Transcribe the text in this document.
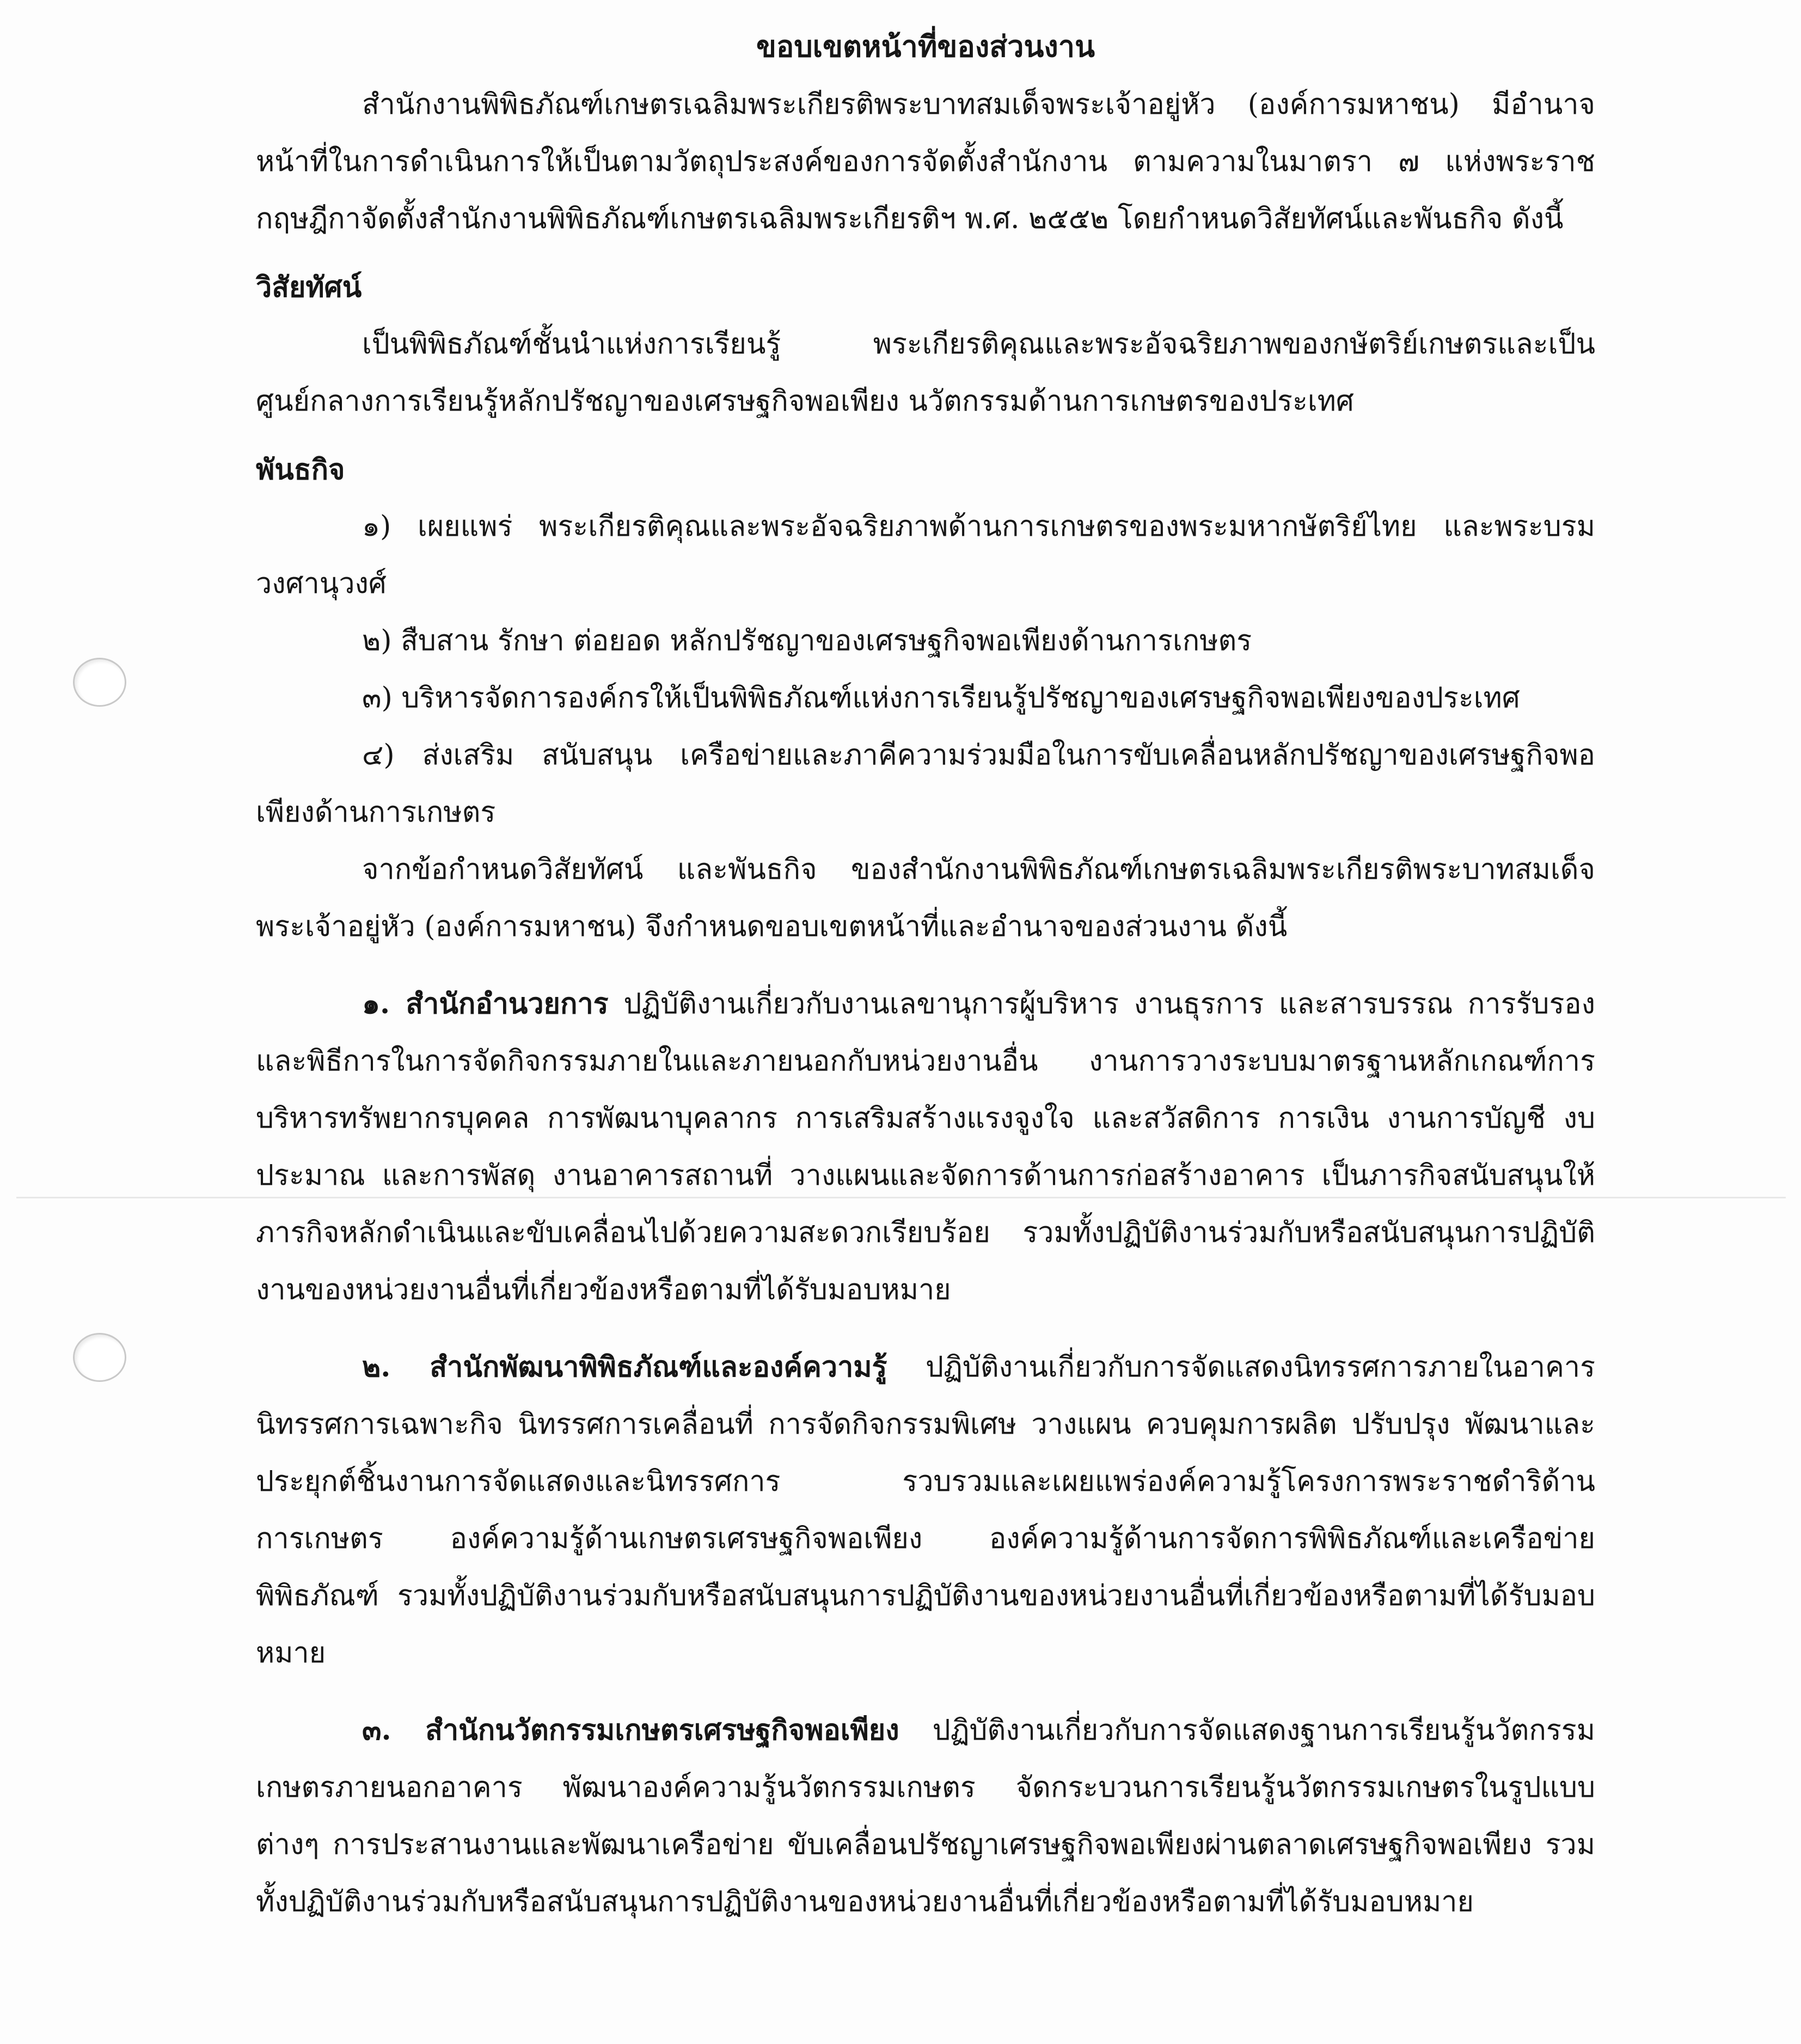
ขอบเขตหน้าที่ของส่วนงาน

สำนักงานพิพิธภัณฑ์เกษตรเฉลิมพระเกียรติพระบาทสมเด็จพระเจ้าอยู่หัว (องค์การมหาชน) มีอำนาจหน้าที่ในการดำเนินการให้เป็นตามวัตถุประสงค์ของการจัดตั้งสำนักงาน ตามความในมาตรา ๗ แห่งพระราชกฤษฎีกาจัดตั้งสำนักงานพิพิธภัณฑ์เกษตรเฉลิมพระเกียรติฯ พ.ศ. ๒๕๕๒ โดยกำหนดวิสัยทัศน์และพันธกิจ ดังนี้

วิสัยทัศน์

เป็นพิพิธภัณฑ์ชั้นนำแห่งการเรียนรู้ พระเกียรติคุณและพระอัจฉริยภาพของกษัตริย์เกษตรและเป็นศูนย์กลางการเรียนรู้หลักปรัชญาของเศรษฐกิจพอเพียง นวัตกรรมด้านการเกษตรของประเทศ

พันธกิจ

๑) เผยแพร่ พระเกียรติคุณและพระอัจฉริยภาพด้านการเกษตรของพระมหากษัตริย์ไทย และพระบรมวงศานุวงศ์

๒) สืบสาน รักษา ต่อยอด หลักปรัชญาของเศรษฐกิจพอเพียงด้านการเกษตร

๓) บริหารจัดการองค์กรให้เป็นพิพิธภัณฑ์แห่งการเรียนรู้ปรัชญาของเศรษฐกิจพอเพียงของประเทศ

๔) ส่งเสริม สนับสนุน เครือข่ายและภาคีความร่วมมือในการขับเคลื่อนหลักปรัชญาของเศรษฐกิจพอเพียงด้านการเกษตร

จากข้อกำหนดวิสัยทัศน์ และพันธกิจ ของสำนักงานพิพิธภัณฑ์เกษตรเฉลิมพระเกียรติพระบาทสมเด็จพระเจ้าอยู่หัว (องค์การมหาชน) จึงกำหนดขอบเขตหน้าที่และอำนาจของส่วนงาน ดังนี้

๑. สำนักอำนวยการ ปฏิบัติงานเกี่ยวกับงานเลขานุการผู้บริหาร งานธุรการ และสารบรรณ การรับรองและพิธีการในการจัดกิจกรรมภายในและภายนอกกับหน่วยงานอื่น งานการวางระบบมาตรฐานหลักเกณฑ์การบริหารทรัพยากรบุคคล การพัฒนาบุคลากร การเสริมสร้างแรงจูงใจ และสวัสดิการ การเงิน งานการบัญชี งบประมาณ และการพัสดุ งานอาคารสถานที่ วางแผนและจัดการด้านการก่อสร้างอาคาร เป็นภารกิจสนับสนุนให้ภารกิจหลักดำเนินและขับเคลื่อนไปด้วยความสะดวกเรียบร้อย รวมทั้งปฏิบัติงานร่วมกับหรือสนับสนุนการปฏิบัติงานของหน่วยงานอื่นที่เกี่ยวข้องหรือตามที่ได้รับมอบหมาย

๒. สำนักพัฒนาพิพิธภัณฑ์และองค์ความรู้ ปฏิบัติงานเกี่ยวกับการจัดแสดงนิทรรศการภายในอาคาร นิทรรศการเฉพาะกิจ นิทรรศการเคลื่อนที่ การจัดกิจกรรมพิเศษ วางแผน ควบคุมการผลิต ปรับปรุง พัฒนาและประยุกต์ชิ้นงานการจัดแสดงและนิทรรศการ รวบรวมและเผยแพร่องค์ความรู้โครงการพระราชดำริด้านการเกษตร องค์ความรู้ด้านเกษตรเศรษฐกิจพอเพียง องค์ความรู้ด้านการจัดการพิพิธภัณฑ์และเครือข่ายพิพิธภัณฑ์ รวมทั้งปฏิบัติงานร่วมกับหรือสนับสนุนการปฏิบัติงานของหน่วยงานอื่นที่เกี่ยวข้องหรือตามที่ได้รับมอบหมาย

๓. สำนักนวัตกรรมเกษตรเศรษฐกิจพอเพียง ปฏิบัติงานเกี่ยวกับการจัดแสดงฐานการเรียนรู้นวัตกรรมเกษตรภายนอกอาคาร พัฒนาองค์ความรู้นวัตกรรมเกษตร จัดกระบวนการเรียนรู้นวัตกรรมเกษตรในรูปแบบต่างๆ การประสานงานและพัฒนาเครือข่าย ขับเคลื่อนปรัชญาเศรษฐกิจพอเพียงผ่านตลาดเศรษฐกิจพอเพียง รวมทั้งปฏิบัติงานร่วมกับหรือสนับสนุนการปฏิบัติงานของหน่วยงานอื่นที่เกี่ยวข้องหรือตามที่ได้รับมอบหมาย
